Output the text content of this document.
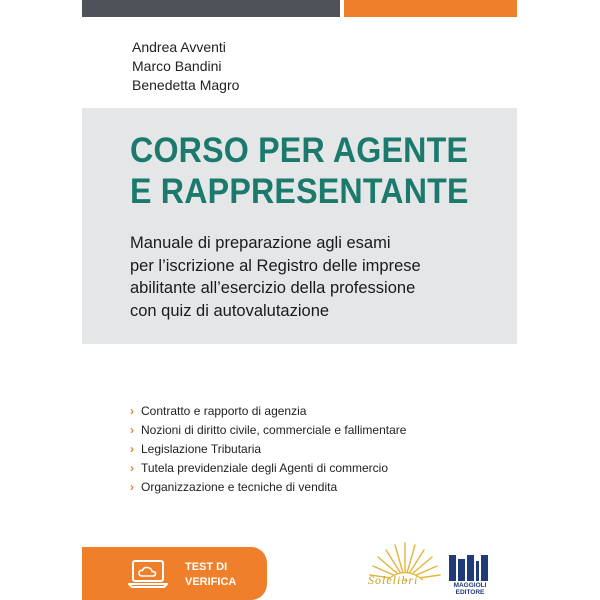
Andrea Avventi
Marco Bandini
Benedetta Magro
CORSO PER AGENTE
E RAPPRESENTANTE
Manuale di preparazione agli esami
per l’iscrizione al Registro delle imprese
abilitante all’esercizio della professione
con quiz di autovalutazione
› Contratto e rapporto di agenzia
› Nozioni di diritto civile, commerciale e fallimentare
› Legislazione Tributaria
› Tutela previdenziale degli Agenti di commercio
› Organizzazione e tecniche di vendita
TEST DI
VERIFICA	Solelibri	MAGGIOLI
EDITORE
